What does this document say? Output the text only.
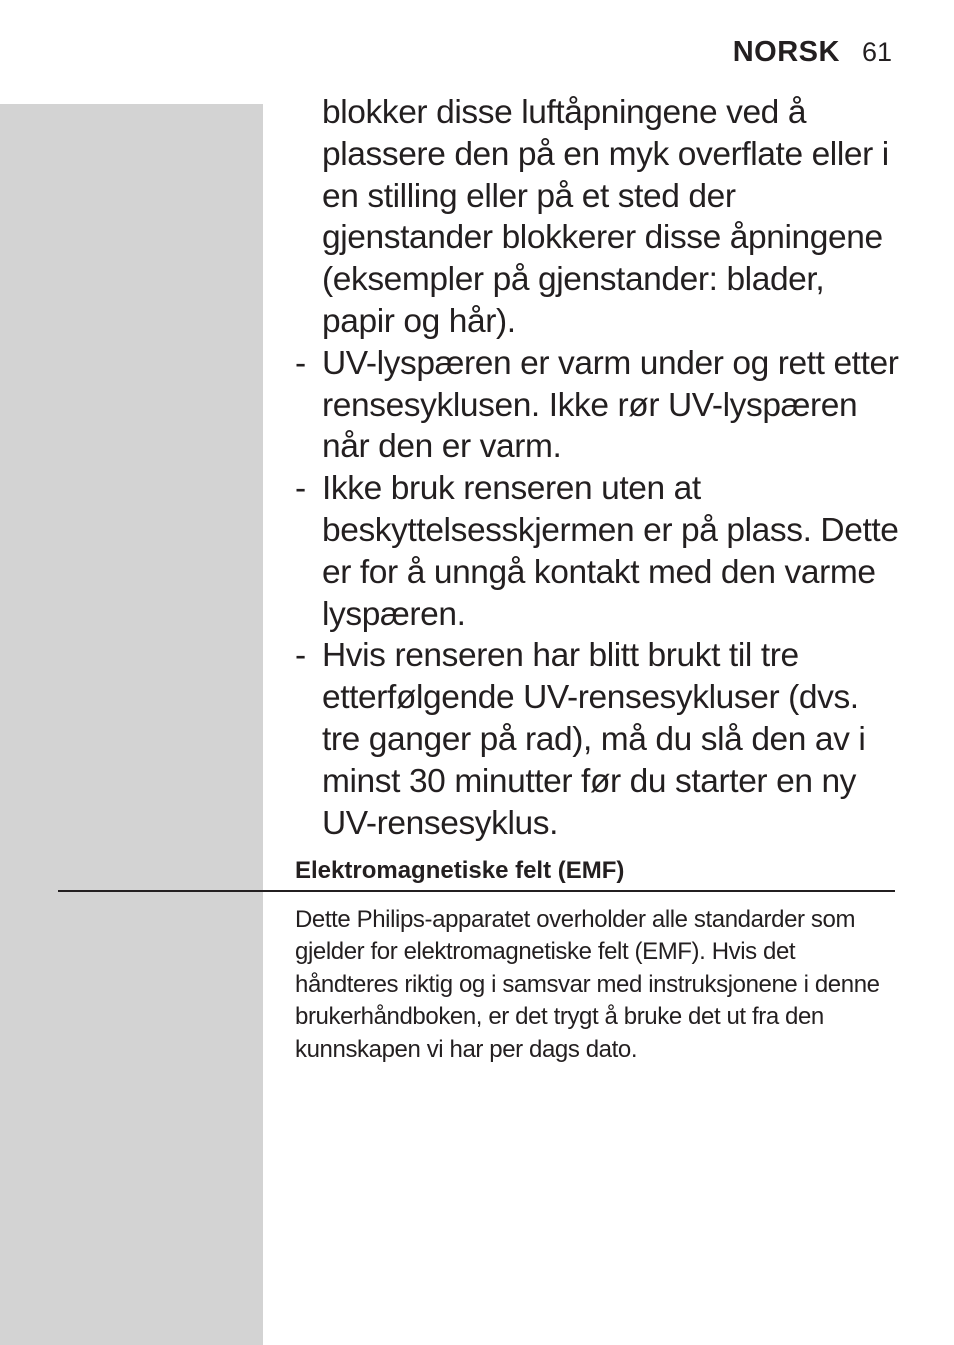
NORSK 61
blokker disse luftåpningene ved å plassere den på en myk overflate eller i en stilling eller på et sted der gjenstander blokkerer disse åpningene (eksempler på gjenstander: blader, papir og hår).
- UV-lyspæren er varm under og rett etter rensesyklusen. Ikke rør UV-lyspæren når den er varm.
- Ikke bruk renseren uten at beskyttelsesskjermen er på plass. Dette er for å unngå kontakt med den varme lyspæren.
- Hvis renseren har blitt brukt til tre etterfølgende UV-rensesykluser (dvs. tre ganger på rad), må du slå den av i minst 30 minutter før du starter en ny UV-rensesyklus.
Elektromagnetiske felt (EMF)
Dette Philips-apparatet overholder alle standarder som gjelder for elektromagnetiske felt (EMF). Hvis det håndteres riktig og i samsvar med instruksjonene i denne brukerhåndboken, er det trygt å bruke det ut fra den kunnskapen vi har per dags dato.
